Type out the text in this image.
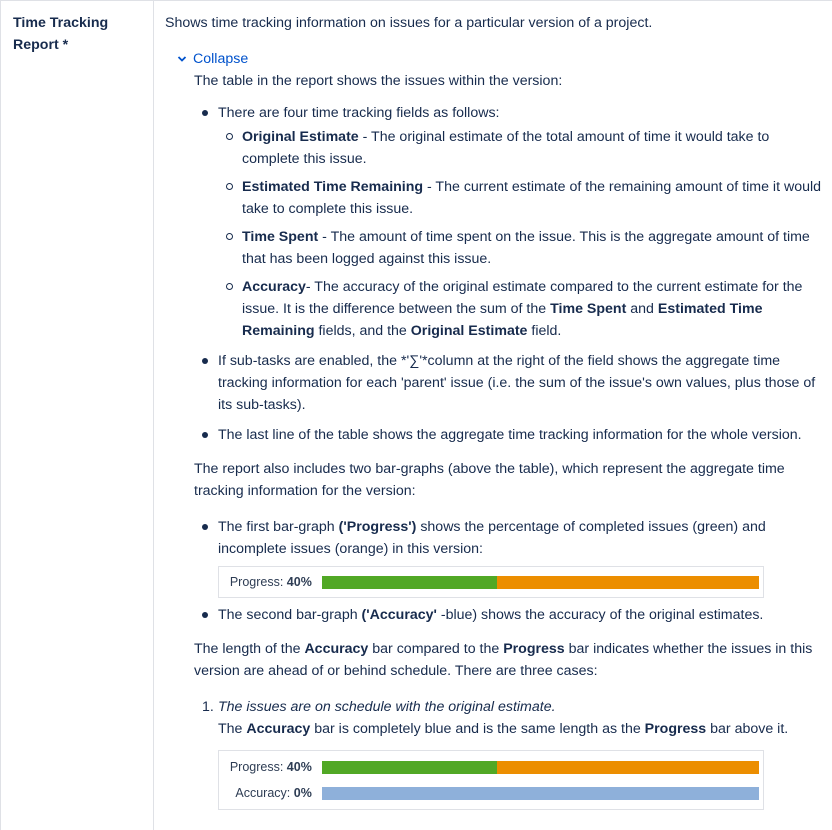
Time Tracking Report *

Shows time tracking information on issues for a particular version of a project.

Collapse

The table in the report shows the issues within the version:

There are four time tracking fields as follows:
Original Estimate - The original estimate of the total amount of time it would take to complete this issue.
Estimated Time Remaining - The current estimate of the remaining amount of time it would take to complete this issue.
Time Spent - The amount of time spent on the issue. This is the aggregate amount of time that has been logged against this issue.
Accuracy- The accuracy of the original estimate compared to the current estimate for the issue. It is the difference between the sum of the Time Spent and Estimated Time Remaining fields, and the Original Estimate field.
If sub-tasks are enabled, the *'∑'*column at the right of the field shows the aggregate time tracking information for each 'parent' issue (i.e. the sum of the issue's own values, plus those of its sub-tasks).
The last line of the table shows the aggregate time tracking information for the whole version.

The report also includes two bar-graphs (above the table), which represent the aggregate time tracking information for the version:

The first bar-graph ('Progress') shows the percentage of completed issues (green) and incomplete issues (orange) in this version:
Progress: 40%
The second bar-graph ('Accuracy' -blue) shows the accuracy of the original estimates.

The length of the Accuracy bar compared to the Progress bar indicates whether the issues in this version are ahead of or behind schedule. There are three cases:

1. The issues are on schedule with the original estimate.
The Accuracy bar is completely blue and is the same length as the Progress bar above it.
Progress: 40%
Accuracy: 0%
